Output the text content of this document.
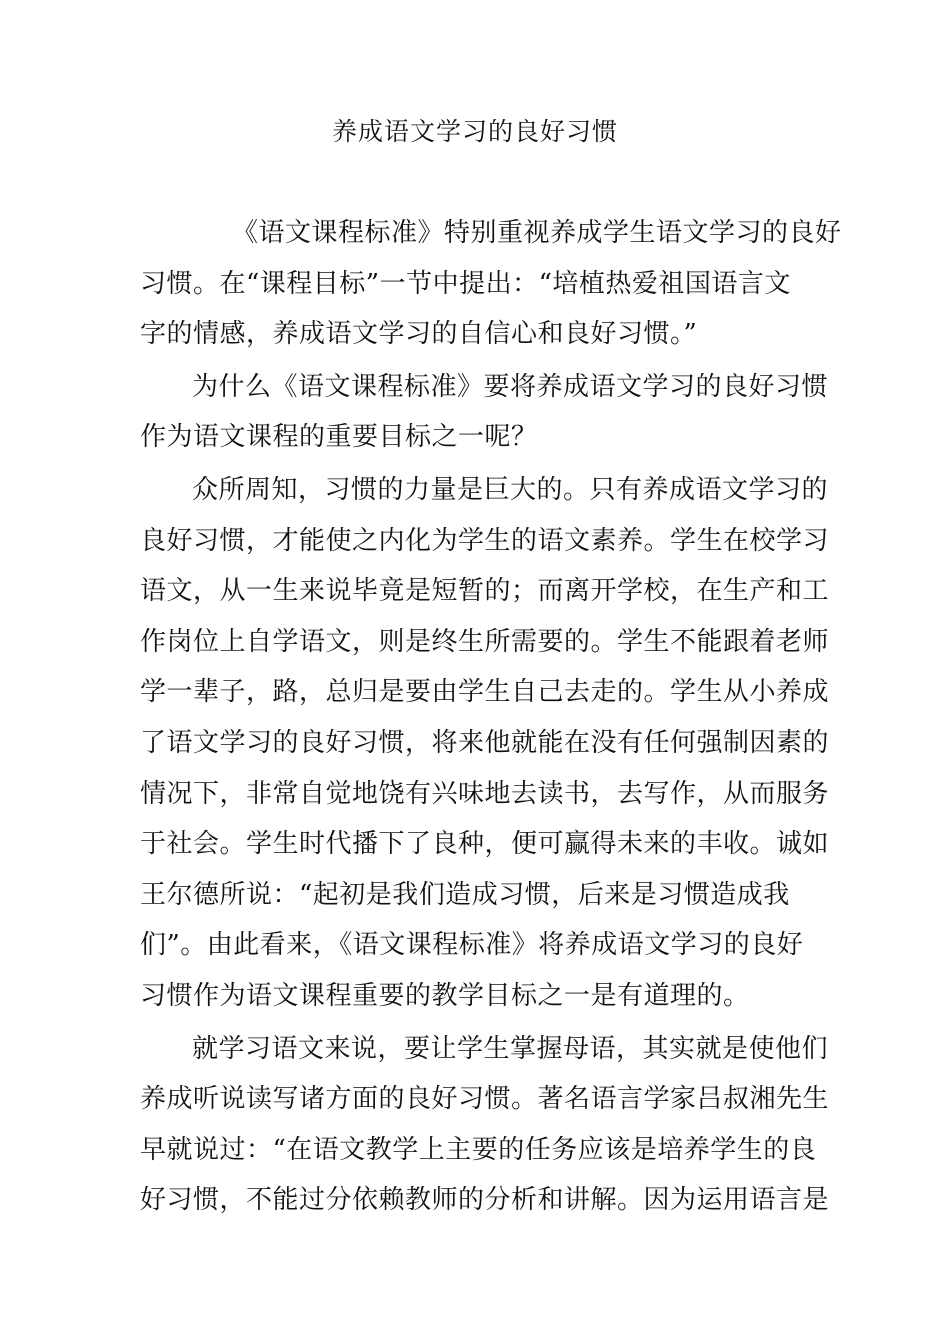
养成语文学习的良好习惯

《语文课程标准》特别重视养成学生语文学习的良好
习惯。在“课程目标”一节中提出：“培植热爱祖国语言文
字的情感，养成语文学习的自信心和良好习惯。”

为什么《语文课程标准》要将养成语文学习的良好习惯
作为语文课程的重要目标之一呢？

众所周知，习惯的力量是巨大的。只有养成语文学习的
良好习惯，才能使之内化为学生的语文素养。学生在校学习
语文，从一生来说毕竟是短暂的；而离开学校，在生产和工
作岗位上自学语文，则是终生所需要的。学生不能跟着老师
学一辈子，路，总归是要由学生自己去走的。学生从小养成
了语文学习的良好习惯，将来他就能在没有任何强制因素的
情况下，非常自觉地饶有兴味地去读书，去写作，从而服务
于社会。学生时代播下了良种，便可赢得未来的丰收。诚如
王尔德所说：“起初是我们造成习惯，后来是习惯造成我
们”。由此看来，《语文课程标准》将养成语文学习的良好
习惯作为语文课程重要的教学目标之一是有道理的。

就学习语文来说，要让学生掌握母语，其实就是使他们
养成听说读写诸方面的良好习惯。著名语言学家吕叔湘先生
早就说过：“在语文教学上主要的任务应该是培养学生的良
好习惯，不能过分依赖教师的分析和讲解。因为运用语言是
